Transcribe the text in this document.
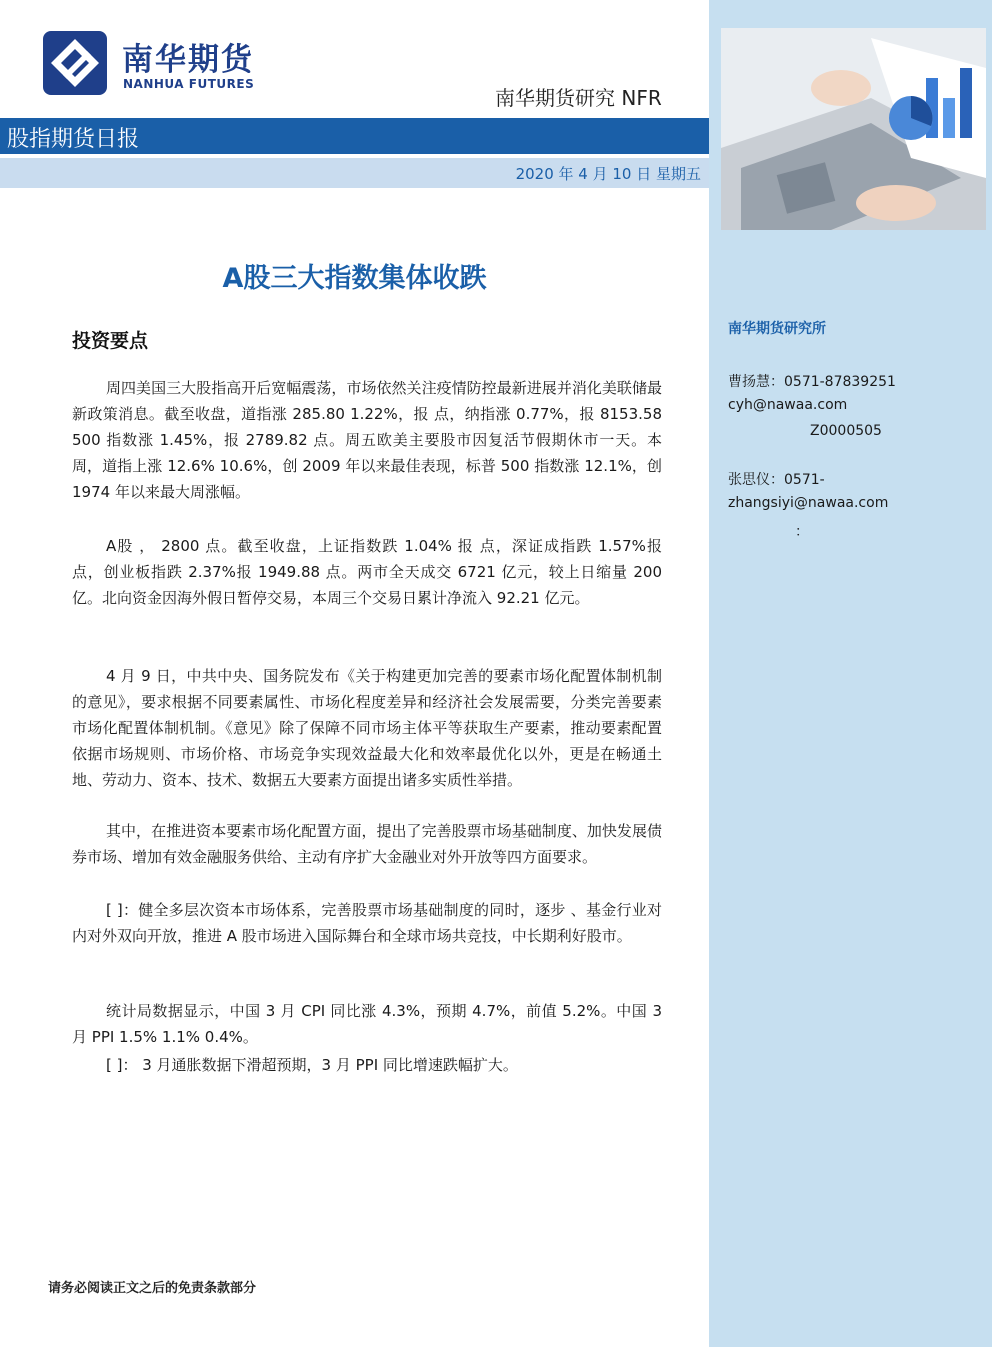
南华期货
NANHUA FUTURES
南华期货研究 NFR
股指期货日报
2020 年 4 月 10 日 星期五
A股三大指数集体收跌
投资要点

周四美国三大股指高开后宽幅震荡，市场依然关注疫情防控最新进展并消化美联储最新政策消息。截至收盘，道指涨 285.80 1.22%，报 点，纳指涨 0.77%，报 8153.58 500 指数涨 1.45%，报 2789.82 点。周五欧美主要股市因复活节假期休市一天。本周，道指上涨 12.6% 10.6%，创 2009 年以来最佳表现，标普 500 指数涨 12.1%，创 1974 年以来最大周涨幅。

A股 ， 2800 点。截至收盘，上证指数跌 1.04% 报 点，深证成指跌 1.57%报 点，创业板指跌 2.37%报 1949.88 点。两市全天成交 6721 亿元，较上日缩量 200 亿。北向资金因海外假日暂停交易，本周三个交易日累计净流入 92.21 亿元。

4 月 9 日，中共中央、国务院发布《关于构建更加完善的要素市场化配置体制机制的意见》，要求根据不同要素属性、市场化程度差异和经济社会发展需要，分类完善要素市场化配置体制机制。《意见》除了保障不同市场主体平等获取生产要素，推动要素配置依据市场规则、市场价格、市场竞争实现效益最大化和效率最优化以外，更是在畅通土地、劳动力、资本、技术、数据五大要素方面提出诸多实质性举措。

其中，在推进资本要素市场化配置方面，提出了完善股票市场基础制度、加快发展债券市场、增加有效金融服务供给、主动有序扩大金融业对外开放等四方面要求。

[ ]：健全多层次资本市场体系，完善股票市场基础制度的同时，逐步 、基金行业对内对外双向开放，推进 A 股市场进入国际舞台和全球市场共竞技，中长期利好股市。

统计局数据显示，中国 3 月 CPI 同比涨 4.3%，预期 4.7%，前值 5.2%。中国 3 月 PPI 1.5% 1.1% 0.4%。

[ ]： 3 月通胀数据下滑超预期，3 月 PPI 同比增速跌幅扩大。

南华期货研究所
曹扬慧：0571-87839251
cyh@nawaa.com
Z0000505
张思仪：0571-
zhangsiyi@nawaa.com
：
请务必阅读正文之后的免责条款部分
